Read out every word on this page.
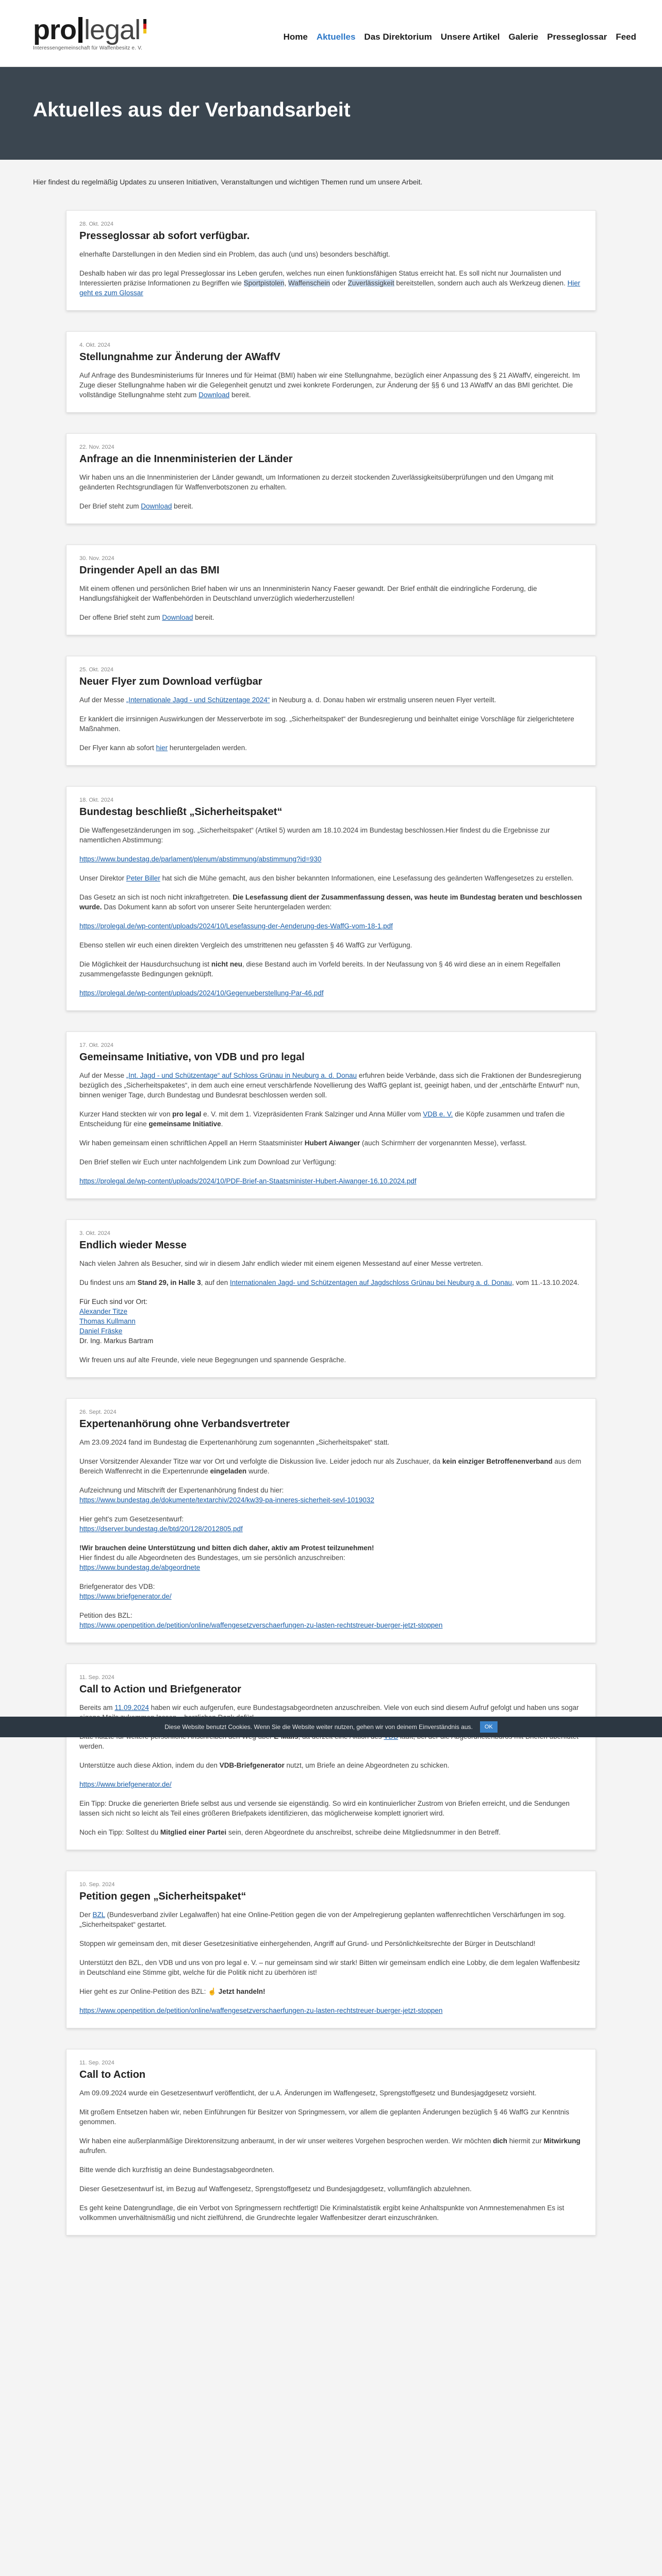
pro legal
Interessengemeinschaft für Waffenbesitz e. V.
Home Aktuelles Das Direktorium Unsere Artikel Galerie Presseglossar Feed
Aktuelles aus der Verbandsarbeit
Hier findest du regelmäßig Updates zu unseren Initiativen, Veranstaltungen und wichtigen Themen rund um unsere Arbeit.
28. Okt. 2024
Presseglossar ab sofort verfügbar.

elnerhafte Darstellungen in den Medien sind ein Problem, das auch (und uns) besonders beschäftigt.

Deshalb haben wir das pro legal Presseglossar ins Leben gerufen, welches nun einen funktionsfähigen Status erreicht hat. Es soll nicht nur Journalisten und Interessierten präzise Informationen zu Begriffen wie Sportpistolen, Waffenschein oder Zuverlässigkeit bereitstellen, sondern auch auch als Werkzeug dienen. Hier geht es zum Glossar

4. Okt. 2024
Stellungnahme zur Änderung der AWaffV

Auf Anfrage des Bundesministeriums für Inneres und für Heimat (BMI) haben wir eine Stellungnahme, bezüglich einer Anpassung des § 21 AWaffV, eingereicht. Im Zuge dieser Stellungnahme haben wir die Gelegenheit genutzt und zwei konkrete Forderungen, zur Änderung der §§ 6 und 13 AWaffV an das BMI gerichtet. Die vollständige Stellungnahme steht zum Download bereit.

22. Nov. 2024
Anfrage an die Innenministerien der Länder

Wir haben uns an die Innenministerien der Länder gewandt, um Informationen zu derzeit stockenden Zuverlässigkeitsüberprüfungen und den Umgang mit geänderten Rechtsgrundlagen für Waffenverbotszonen zu erhalten.

Der Brief steht zum Download bereit.

30. Nov. 2024
Dringender Apell an das BMI

Mit einem offenen und persönlichen Brief haben wir uns an Innenministerin Nancy Faeser gewandt. Der Brief enthält die eindringliche Forderung, die Handlungsfähigkeit der Waffenbehörden in Deutschland unverzüglich wiederherzustellen!

Der offene Brief steht zum Download bereit.

25. Okt. 2024
Neuer Flyer zum Download verfügbar

Auf der Messe „Internationale Jagd - und Schützentage 2024“ in Neuburg a. d. Donau haben wir erstmalig unseren neuen Flyer verteilt.

Er kanklert die irrsinnigen Auswirkungen der Messerverbote im sog. „Sicherheitspaket“ der Bundesregierung und beinhaltet einige Vorschläge für zielgerichtetere Maßnahmen.

Der Flyer kann ab sofort hier heruntergeladen werden.

18. Okt. 2024
Bundestag beschließt „Sicherheitspaket“

Die Waffengesetzänderungen im sog. „Sicherheitspaket“ (Artikel 5) wurden am 18.10.2024 im Bundestag beschlossen.Hier findest du die Ergebnisse zur namentlichen Abstimmung:

https://www.bundestag.de/parlament/plenum/abstimmung/abstimmung?id=930

Unser Direktor Peter Biller hat sich die Mühe gemacht, aus den bisher bekannten Informationen, eine Lesefassung des geänderten Waffengesetzes zu erstellen.

Das Gesetz an sich ist noch nicht inkraftgetreten. Die Lesefassung dient der Zusammenfassung dessen, was heute im Bundestag beraten und beschlossen wurde. Das Dokument kann ab sofort von unserer Seite heruntergeladen werden:

https://prolegal.de/wp-content/uploads/2024/10/Lesefassung-der-Aenderung-des-WaffG-vom-18-1.pdf

Ebenso stellen wir euch einen direkten Vergleich des umstrittenen neu gefassten § 46 WaffG zur Verfügung.

Die Möglichkeit der Hausdurchsuchung ist nicht neu, diese Bestand auch im Vorfeld bereits. In der Neufassung von § 46 wird diese an in einem Regelfallen zusammengefasste Bedingungen geknüpft.

https://prolegal.de/wp-content/uploads/2024/10/Gegenueberstellung-Par-46.pdf

17. Okt. 2024
Gemeinsame Initiative, von VDB und pro legal

Auf der Messe „Int. Jagd - und Schützentage“ auf Schloss Grünau in Neuburg a. d. Donau erfuhren beide Verbände, dass sich die Fraktionen der Bundesregierung bezüglich des „Sicherheitspaketes“, in dem auch eine erneut verschärfende Novellierung des WaffG geplant ist, geeinigt haben, und der „entschärfte Entwurf“ nun, binnen weniger Tage, durch Bundestag und Bundesrat beschlossen werden soll.

Kurzer Hand steckten wir von pro legal e. V. mit dem 1. Vizepräsidenten Frank Salzinger und Anna Müller vom VDB e. V. die Köpfe zusammen und trafen die Entscheidung für eine gemeinsame Initiative.

Wir haben gemeinsam einen schriftlichen Appell an Herrn Staatsminister Hubert Aiwanger (auch Schirmherr der vorgenannten Messe), verfasst.

Den Brief stellen wir Euch unter nachfolgendem Link zum Download zur Verfügung:

https://prolegal.de/wp-content/uploads/2024/10/PDF-Brief-an-Staatsminister-Hubert-Aiwanger-16.10.2024.pdf

3. Okt. 2024
Endlich wieder Messe

Nach vielen Jahren als Besucher, sind wir in diesem Jahr endlich wieder mit einem eigenen Messestand auf einer Messe vertreten.

Du findest uns am Stand 29, in Halle 3, auf den Internationalen Jagd- und Schützentagen auf Jagdschloss Grünau bei Neuburg a. d. Donau, vom 11.-13.10.2024.

Für Euch sind vor Ort:
Alexander Titze
Thomas Kullmann
Daniel Fräske
Dr. Ing. Markus Bartram

Wir freuen uns auf alte Freunde, viele neue Begegnungen und spannende Gespräche.

26. Sept. 2024
Expertenanhörung ohne Verbandsvertreter

Am 23.09.2024 fand im Bundestag die Expertenanhörung zum sogenannten „Sicherheitspaket“ statt.

Unser Vorsitzender Alexander Titze war vor Ort und verfolgte die Diskussion live. Leider jedoch nur als Zuschauer, da kein einziger Betroffenenverband aus dem Bereich Waffenrecht in die Expertenrunde eingeladen wurde.

Aufzeichnung und Mitschrift der Expertenanhörung findest du hier:
https://www.bundestag.de/dokumente/textarchiv/2024/kw39-pa-inneres-sicherheit-sevl-1019032

Hier geht's zum Gesetzesentwurf:
https://dserver.bundestag.de/btd/20/128/2012805.pdf

!Wir brauchen deine Unterstützung und bitten dich daher, aktiv am Protest teilzunehmen!
Hier findest du alle Abgeordneten des Bundestages, um sie persönlich anzuschreiben:
https://www.bundestag.de/abgeordnete

Briefgenerator des VDB:
https://www.briefgenerator.de/

Petition des BZL:
https://www.openpetition.de/petition/online/waffengesetzverschaerfungen-zu-lasten-rechtstreuer-buerger-jetzt-stoppen

11. Sep. 2024
Call to Action und Briefgenerator

Bereits am 11.09.2024 haben wir euch aufgerufen, eure Bundestagsabgeordneten anzuschreiben. Viele von euch sind diesem Aufruf gefolgt und haben uns sogar

werden.

Unterstütze auch diese Aktion, indem du den VDB-Briefgenerator nutzt, um Briefe an deine Abgeordneten zu schicken.

https://www.briefgenerator.de/

Ein Tipp: Drucke die generierten Briefe selbst aus und versende sie eigenständig. So wird ein kontinuierlicher Zustrom von Briefen erreicht, und die Sendungen lassen sich nicht so leicht als Teil eines größeren Briefpakets identifizieren, das möglicherweise komplett ignoriert wird.

Noch ein Tipp: Solltest du Mitglied einer Partei sein, deren Abgeordnete du anschreibst, schreibe deine Mitgliedsnummer in den Betreff.

10. Sep. 2024
Petition gegen „Sicherheitspaket“

Der BZL (Bundesverband ziviler Legalwaffen) hat eine Online-Petition gegen die von der Ampelregierung geplanten waffenrechtlichen Verschärfungen im sog. „Sicherheitspaket“ gestartet.

Stoppen wir gemeinsam den, mit dieser Gesetzesinitiative einhergehenden, Angriff auf Grund- und Persönlichkeitsrechte der Bürger in Deutschland!

Unterstützt den BZL, den VDB und uns von pro legal e. V. – nur gemeinsam sind wir stark! Bitten wir gemeinsam endlich eine Lobby, die dem legalen Waffenbesitz in Deutschland eine Stimme gibt, welche für die Politik nicht zu überhören ist!

Hier geht es zur Online-Petition des BZL: ☝ Jetzt handeln!

https://www.openpetition.de/petition/online/waffengesetzverschaerfungen-zu-lasten-rechtstreuer-buerger-jetzt-stoppen

11. Sep. 2024
Call to Action

Am 09.09.2024 wurde ein Gesetzesentwurf veröffentlicht, der u.A. Änderungen im Waffengesetz, Sprengstoffgesetz und Bundesjagdgesetz vorsieht.

Mit großem Entsetzen haben wir, neben Einführungen für Besitzer von Springmessern, vor allem die geplanten Änderungen bezüglich § 46 WaffG zur Kenntnis genommen.

Wir haben eine außerplanmäßige Direktorensitzung anberaumt, in der wir unser weiteres Vorgehen besprochen werden. Wir möchten dich hiermit zur Mitwirkung aufrufen.

Bitte wende dich kurzfristig an deine Bundestagsabgeordneten.

Dieser Gesetzesentwurf ist, im Bezug auf Waffengesetz, Sprengstoffgesetz und Bundesjagdgesetz, vollumfänglich abzulehnen.

Es geht keine Datengrundlage, die ein Verbot von Springmessern rechtfertigt! Die Kriminalstatistik ergibt keine Anhaltspunkte von Anmnestemenahmen Es ist vollkommen unverhältnismäßig und nicht zielführend, die Grundrechte legaler Waffenbesitzer derart einzuschränken.

Diese Website benutzt Cookies. Wenn Sie die Website weiter nutzen, gehen wir von deinem Einverständnis aus.	OK
